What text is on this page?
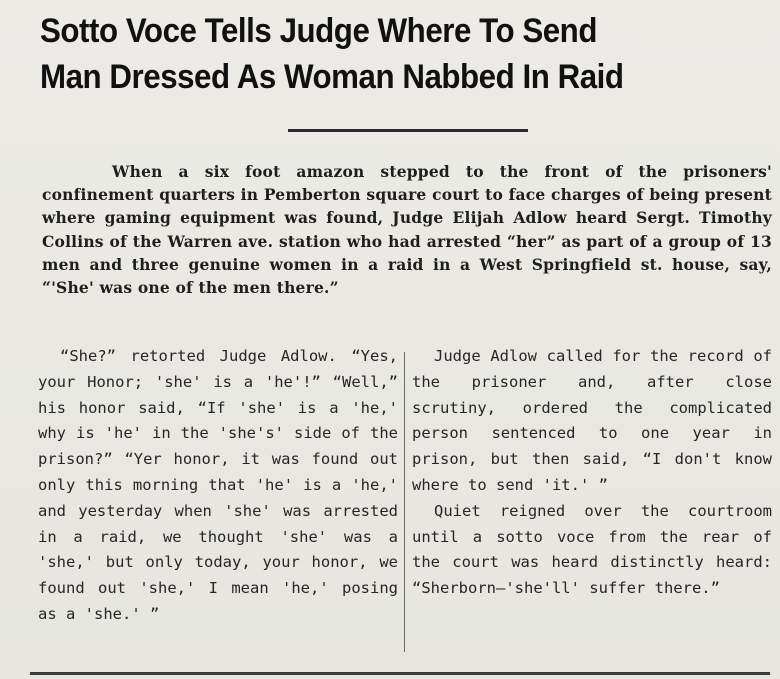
Sotto Voce Tells Judge Where To Send
Man Dressed As Woman Nabbed In Raid
When a six foot amazon stepped to the front of the prisoners' confinement quarters in Pemberton square court to face charges of being present where gaming equipment was found, Judge Elijah Adlow heard Sergt. Timothy Collins of the Warren ave. station who had arrested “her” as part of a group of 13 men and three genuine women in a raid in a West Springfield st. house, say, “'She' was one of the men there.”

“She?” retorted Judge Adlow. “Yes, your Honor; 'she' is a 'he'!” “Well,” his honor said, “If 'she' is a 'he,' why is 'he' in the 'she's' side of the prison?” “Yer honor, it was found out only this morning that 'he' is a 'he,' and yesterday when 'she' was arrested in a raid, we thought 'she' was a 'she,' but only today, your honor, we found out 'she,' I mean 'he,' posing as a 'she.' ”

Judge Adlow called for the record of the prisoner and, after close scrutiny, ordered the complicated person sentenced to one year in prison, but then said, “I don't know where to send 'it.' ”

Quiet reigned over the courtroom until a sotto voce from the rear of the court was heard distinctly heard: “Sherborn—'she'll' suffer there.”
